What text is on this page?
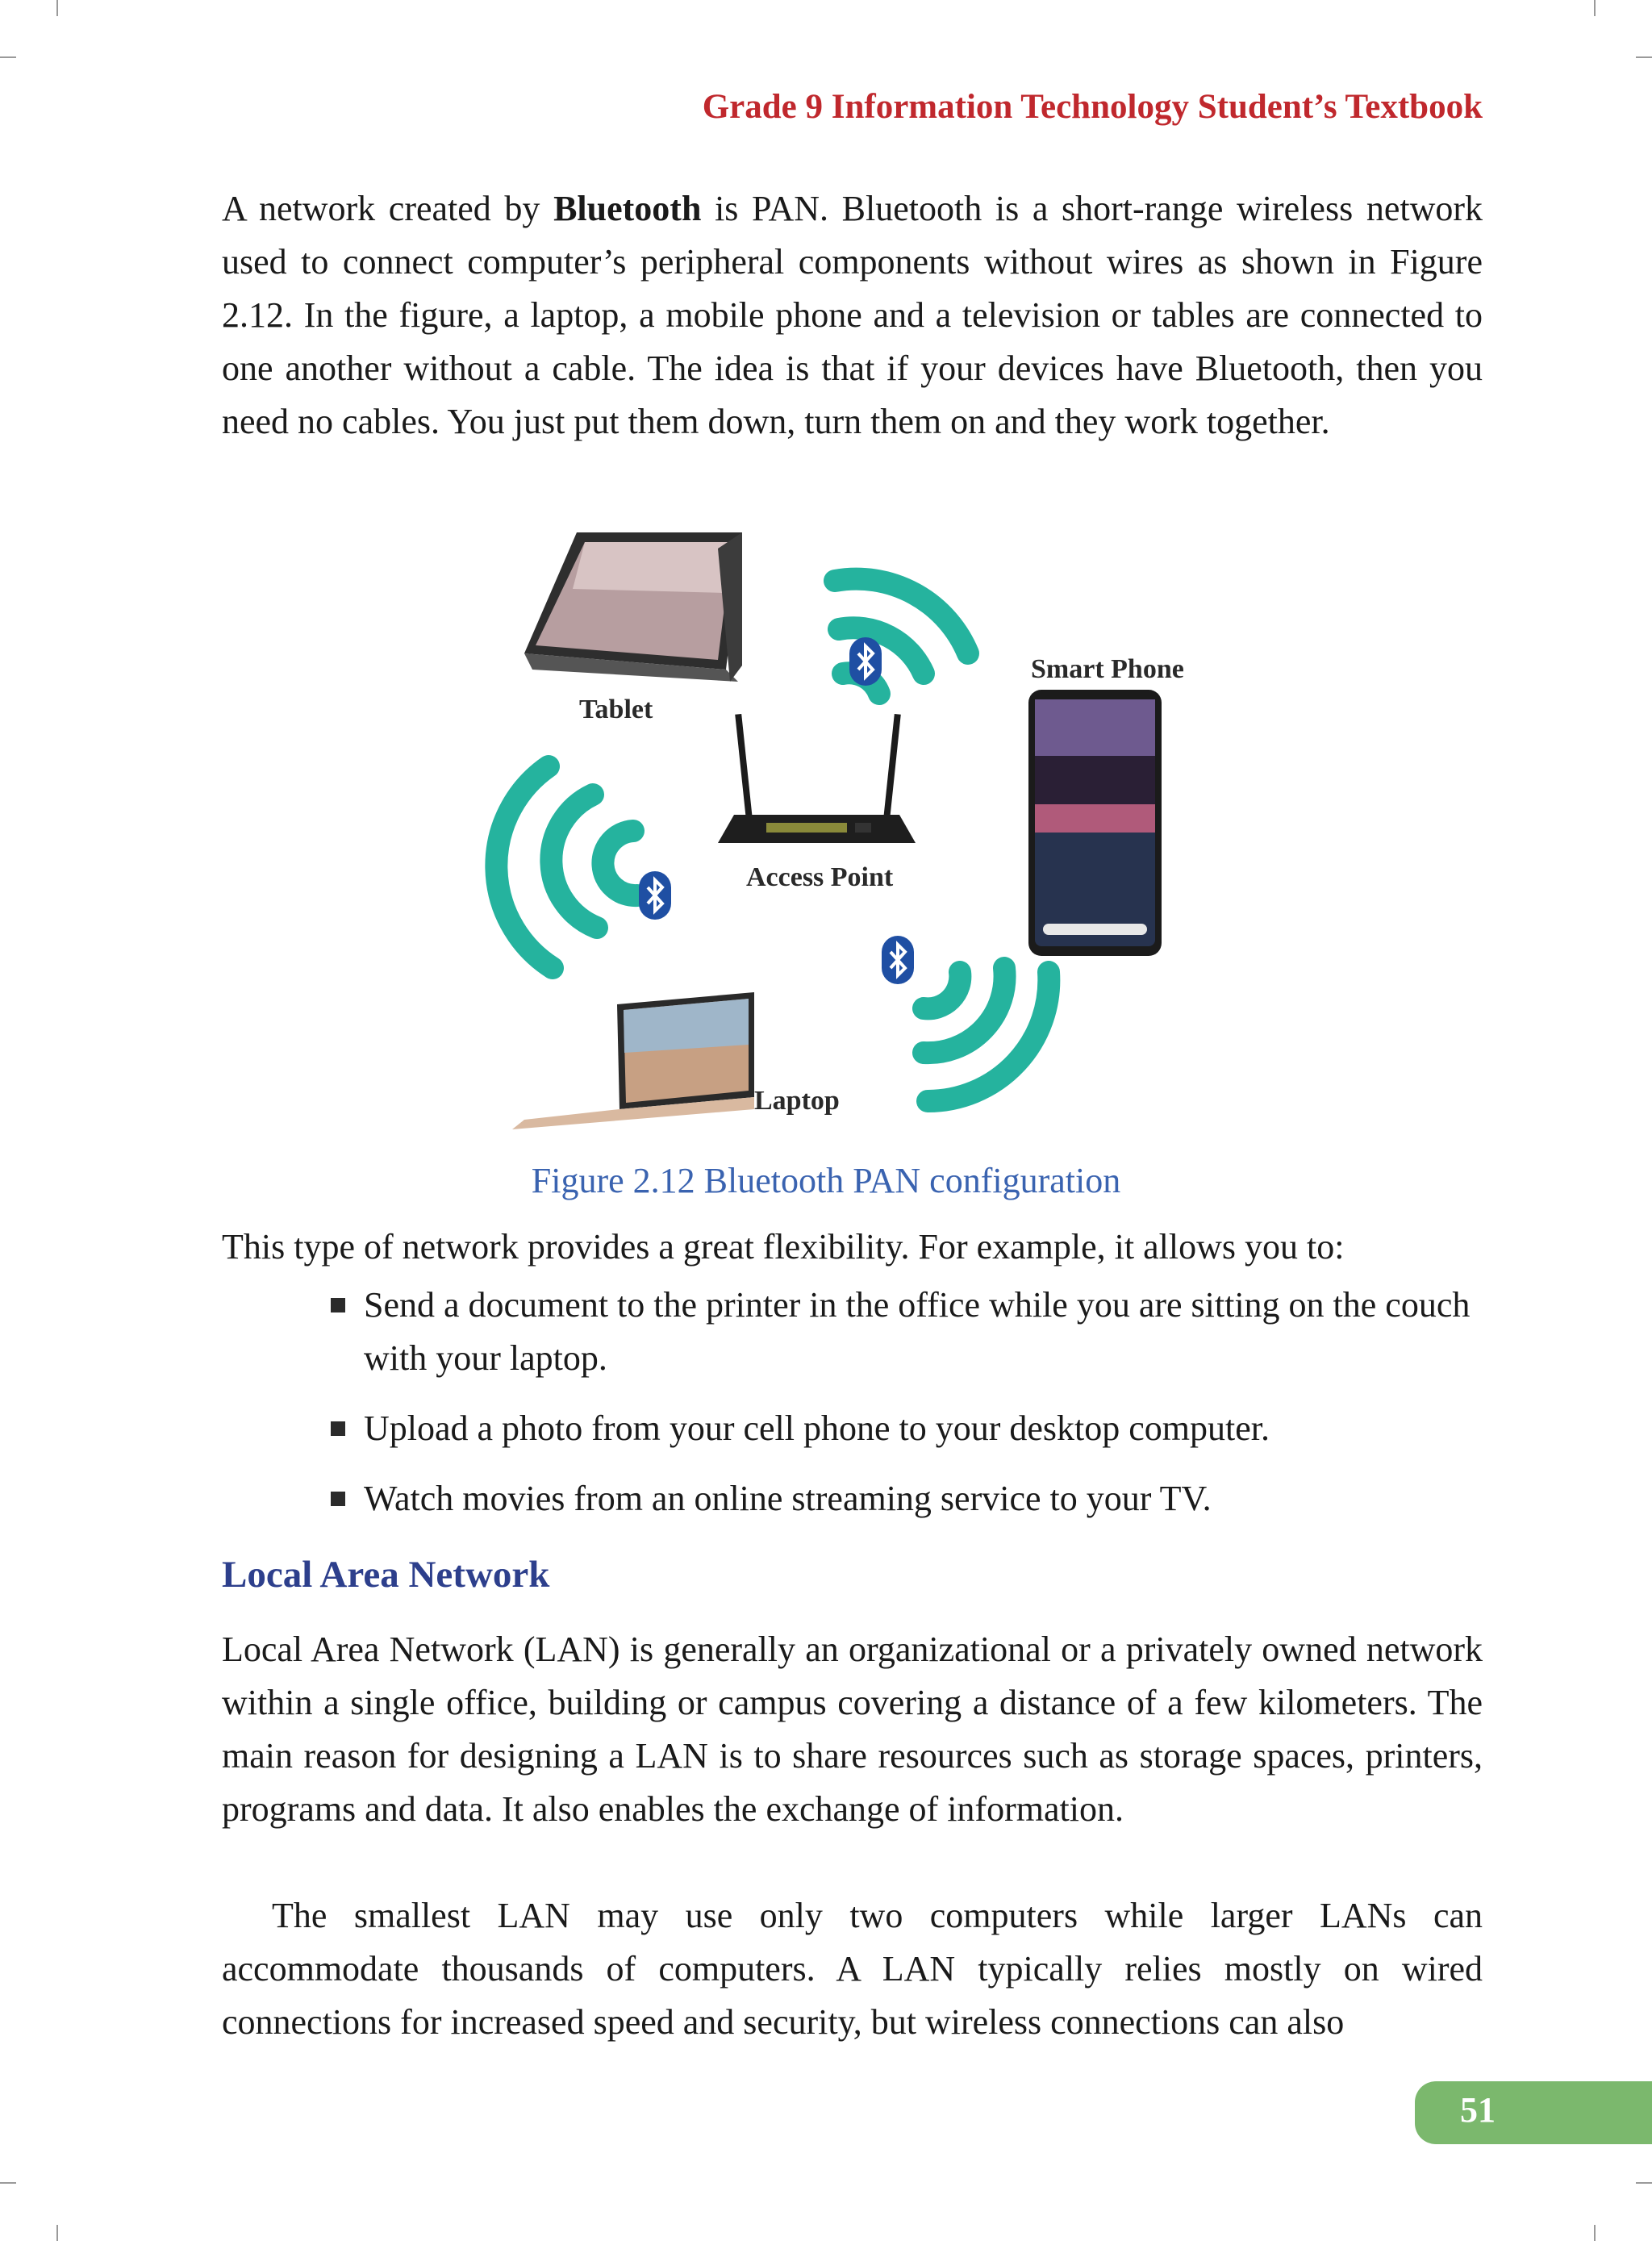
Grade 9 Information Technology Student’s Textbook

A network created by Bluetooth is PAN. Bluetooth is a short-range wireless network used to connect computer’s peripheral components without wires as shown in Figure 2.12. In the figure, a laptop, a mobile phone and a television or tables are connected to one another without a cable. The idea is that if your devices have Bluetooth, then you need no cables. You just put them down, turn them on and they work together.

Tablet
Access Point
Smart Phone
Laptop
Figure 2.12 Bluetooth PAN configuration

This type of network provides a great flexibility. For example, it allows you to:

Send a document to the printer in the office while you are sitting on the couch with your laptop.
Upload a photo from your cell phone to your desktop computer.
Watch movies from an online streaming service to your TV.
Local Area Network

Local Area Network (LAN) is generally an organizational or a privately owned network within a single office, building or campus covering a distance of a few kilometers. The main reason for designing a LAN is to share resources such as storage spaces, printers, programs and data. It also enables the exchange of information.

The smallest LAN may use only two computers while larger LANs can accommodate thousands of computers. A LAN typically relies mostly on wired connections for increased speed and security, but wireless connections can also

51
